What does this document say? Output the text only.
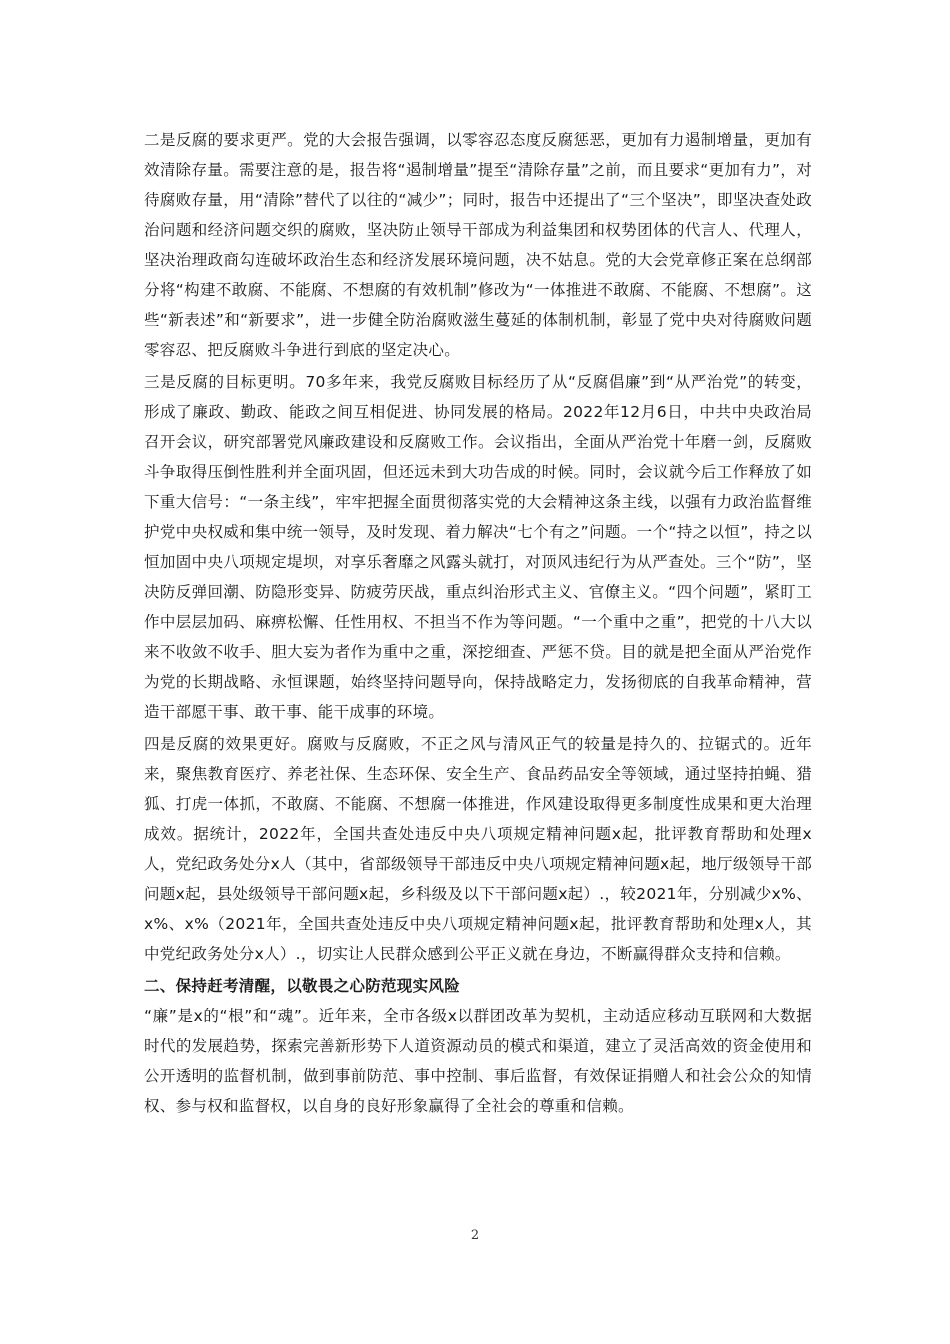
二是反腐的要求更严。党的大会报告强调，以零容忍态度反腐惩恶，更加有力遏制增量，更加有效清除存量。需要注意的是，报告将“遏制增量”提至“清除存量”之前，而且要求“更加有力”，对待腐败存量，用“清除”替代了以往的“减少”；同时，报告中还提出了“三个坚决”，即坚决查处政治问题和经济问题交织的腐败，坚决防止领导干部成为利益集团和权势团体的代言人、代理人，坚决治理政商勾连破坏政治生态和经济发展环境问题，决不姑息。党的大会党章修正案在总纲部分将“构建不敢腐、不能腐、不想腐的有效机制”修改为“一体推进不敢腐、不能腐、不想腐”。这些“新表述”和“新要求”，进一步健全防治腐败滋生蔓延的体制机制，彰显了党中央对待腐败问题零容忍、把反腐败斗争进行到底的坚定决心。

三是反腐的目标更明。70多年来，我党反腐败目标经历了从“反腐倡廉”到“从严治党”的转变，形成了廉政、勤政、能政之间互相促进、协同发展的格局。2022年12月6日，中共中央政治局召开会议，研究部署党风廉政建设和反腐败工作。会议指出，全面从严治党十年磨一剑，反腐败斗争取得压倒性胜利并全面巩固，但还远未到大功告成的时候。同时，会议就今后工作释放了如下重大信号：“一条主线”，牢牢把握全面贯彻落实党的大会精神这条主线，以强有力政治监督维护党中央权威和集中统一领导，及时发现、着力解决“七个有之”问题。一个“持之以恒”，持之以恒加固中央八项规定堤坝，对享乐奢靡之风露头就打，对顶风违纪行为从严查处。三个“防”，坚决防反弹回潮、防隐形变异、防疲劳厌战，重点纠治形式主义、官僚主义。“四个问题”，紧盯工作中层层加码、麻痹松懈、任性用权、不担当不作为等问题。“一个重中之重”，把党的十八大以来不收敛不收手、胆大妄为者作为重中之重，深挖细查、严惩不贷。目的就是把全面从严治党作为党的长期战略、永恒课题，始终坚持问题导向，保持战略定力，发扬彻底的自我革命精神，营造干部愿干事、敢干事、能干成事的环境。

四是反腐的效果更好。腐败与反腐败，不正之风与清风正气的较量是持久的、拉锯式的。近年来，聚焦教育医疗、养老社保、生态环保、安全生产、食品药品安全等领域，通过坚持拍蝇、猎狐、打虎一体抓，不敢腐、不能腐、不想腐一体推进，作风建设取得更多制度性成果和更大治理成效。据统计，2022年，全国共查处违反中央八项规定精神问题x起，批评教育帮助和处理x人，党纪政务处分x人（其中，省部级领导干部违反中央八项规定精神问题x起，地厅级领导干部问题x起，县处级领导干部问题x起，乡科级及以下干部问题x起）.，较2021年，分别减少x%、x%、x%（2021年，全国共查处违反中央八项规定精神问题x起，批评教育帮助和处理x人，其中党纪政务处分x人）.，切实让人民群众感到公平正义就在身边，不断赢得群众支持和信赖。

二、保持赶考清醒，以敬畏之心防范现实风险

“廉”是x的“根”和“魂”。近年来，全市各级x以群团改革为契机，主动适应移动互联网和大数据时代的发展趋势，探索完善新形势下人道资源动员的模式和渠道，建立了灵活高效的资金使用和公开透明的监督机制，做到事前防范、事中控制、事后监督，有效保证捐赠人和社会公众的知情权、参与权和监督权，以自身的良好形象赢得了全社会的尊重和信赖。

2
